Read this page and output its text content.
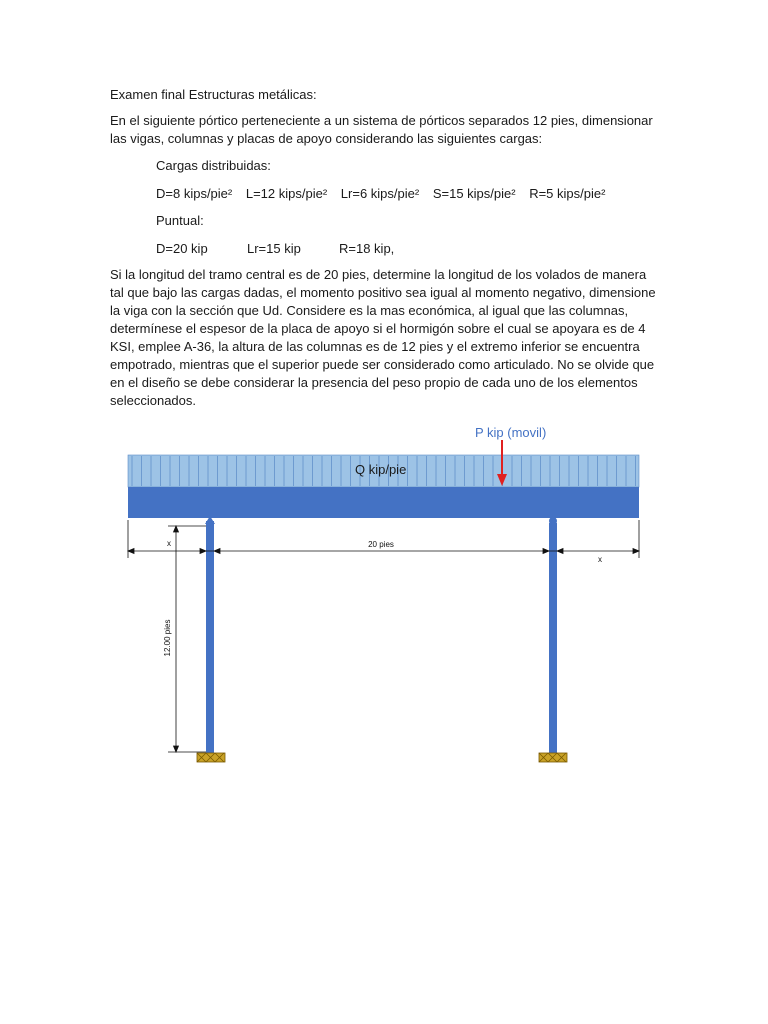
Examen final Estructuras metálicas:

En el siguiente pórtico perteneciente a un sistema de pórticos separados 12 pies, dimensionar las vigas, columnas y placas de apoyo considerando las siguientes cargas:

Cargas distribuidas:

D=8 kips/pie² L=12 kips/pie² Lr=6 kips/pie² S=15 kips/pie² R=5 kips/pie²

Puntual:

D=20 kip	Lr=15 kip	R=18 kip,

Si la longitud del tramo central es de 20 pies, determine la longitud de los volados de manera tal que bajo las cargas dadas, el momento positivo sea igual al momento negativo, dimensione la viga con la sección que Ud. Considere es la mas económica, al igual que las columnas, determínese el espesor de la placa de apoyo si el hormigón sobre el cual se apoyara es de 4 KSI, emplee A-36, la altura de las columnas es de 12 pies y el extremo inferior se encuentra empotrado, mientras que el superior puede ser considerado como articulado. No se olvide que en el diseño se debe considerar la presencia del peso propio de cada uno de los elementos seleccionados.

Q kip/pie
P kip (movil)
20 pies
x
x
12.00 pies
